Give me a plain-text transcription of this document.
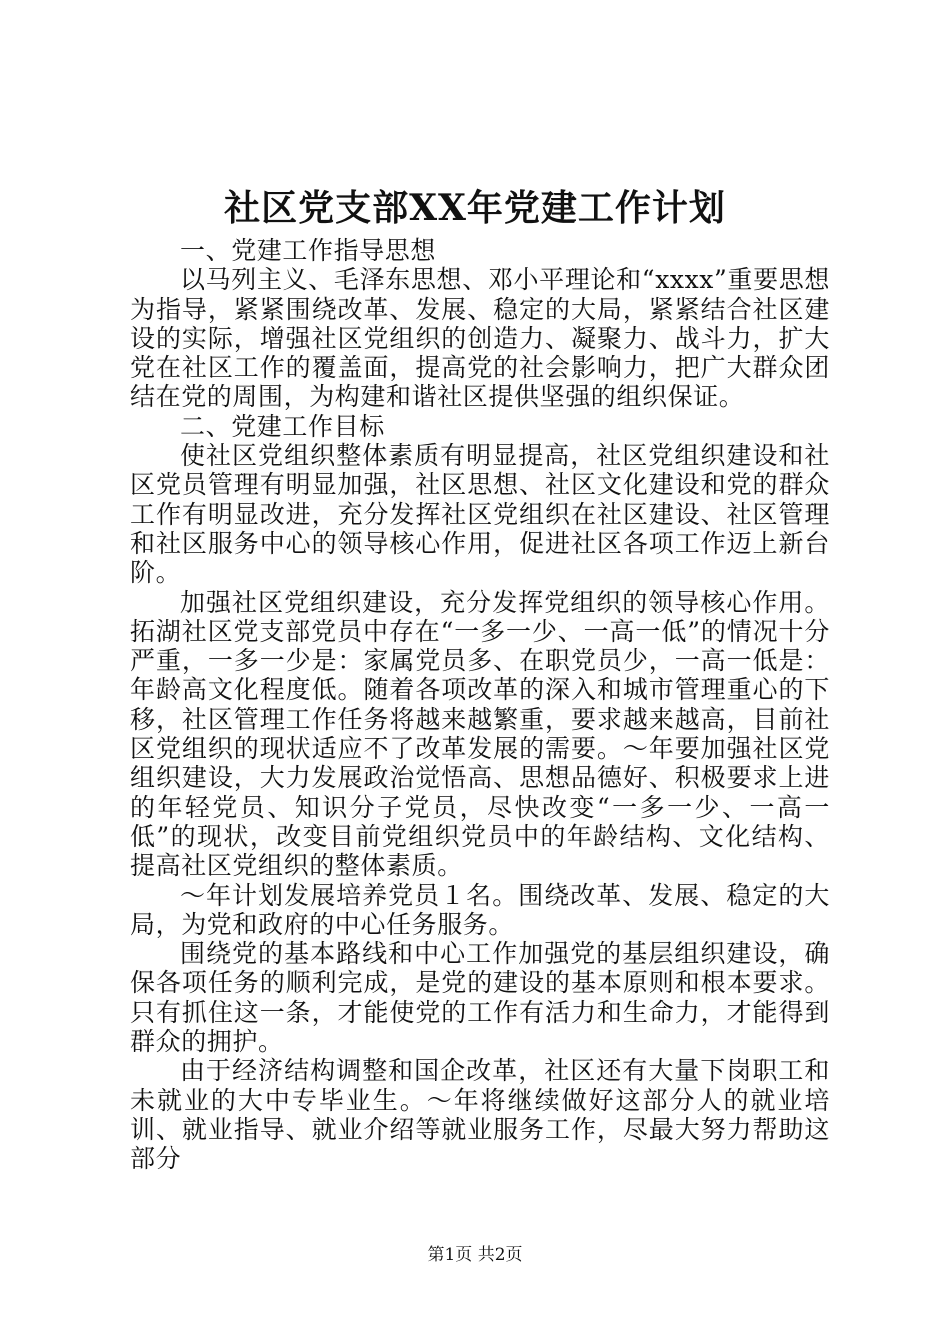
社区党支部XX年党建工作计划

一、党建工作指导思想

以马列主义、毛泽东思想、邓小平理论和“xxxx”重要思想为指导，紧紧围绕改革、发展、稳定的大局，紧紧结合社区建设的实际，增强社区党组织的创造力、凝聚力、战斗力，扩大党在社区工作的覆盖面，提高党的社会影响力，把广大群众团结在党的周围，为构建和谐社区提供坚强的组织保证。

二、党建工作目标

使社区党组织整体素质有明显提高，社区党组织建设和社区党员管理有明显加强，社区思想、社区文化建设和党的群众工作有明显改进，充分发挥社区党组织在社区建设、社区管理和社区服务中心的领导核心作用，促进社区各项工作迈上新台阶。

加强社区党组织建设，充分发挥党组织的领导核心作用。拓湖社区党支部党员中存在“一多一少、一高一低”的情况十分严重，一多一少是：家属党员多、在职党员少，一高一低是：年龄高文化程度低。随着各项改革的深入和城市管理重心的下移，社区管理工作任务将越来越繁重，要求越来越高，目前社区党组织的现状适应不了改革发展的需要。～年要加强社区党组织建设，大力发展政治觉悟高、思想品德好、积极要求上进的年轻党员、知识分子党员，尽快改变“一多一少、一高一低”的现状，改变目前党组织党员中的年龄结构、文化结构、提高社区党组织的整体素质。

～年计划发展培养党员１名。围绕改革、发展、稳定的大局，为党和政府的中心任务服务。

围绕党的基本路线和中心工作加强党的基层组织建设，确保各项任务的顺利完成，是党的建设的基本原则和根本要求。只有抓住这一条，才能使党的工作有活力和生命力，才能得到群众的拥护。

由于经济结构调整和国企改革，社区还有大量下岗职工和未就业的大中专毕业生。～年将继续做好这部分人的就业培训、就业指导、就业介绍等就业服务工作，尽最大努力帮助这部分

第1页 共2页
